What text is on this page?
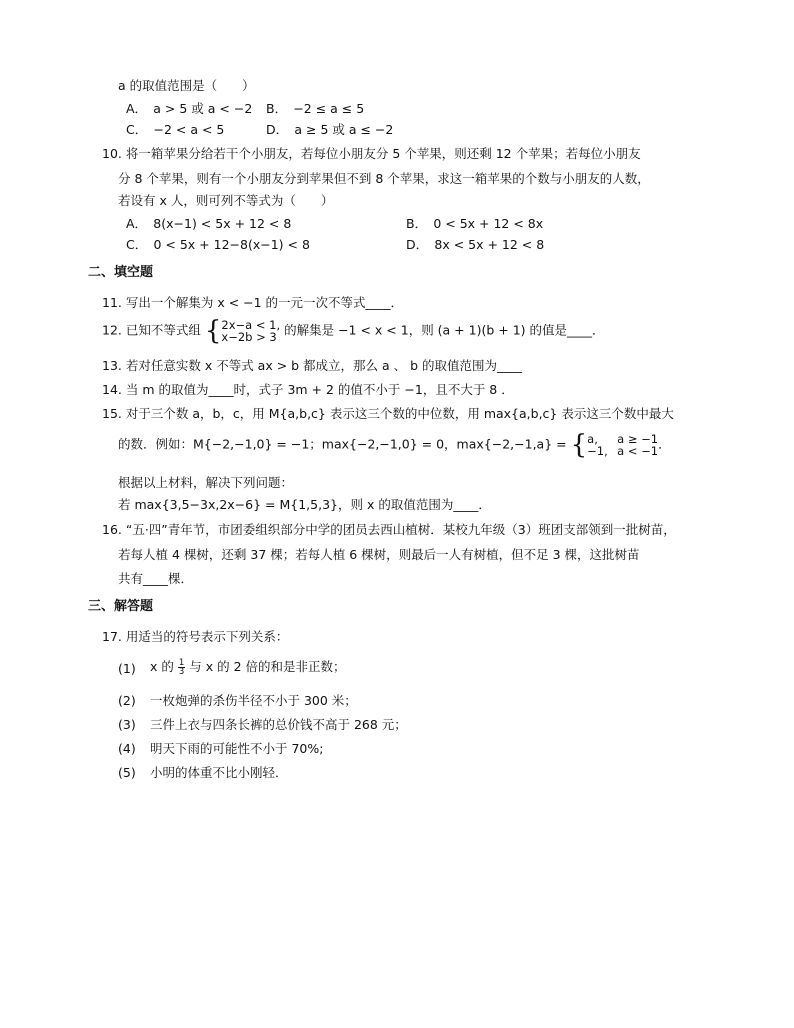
a 的取值范围是（　　）
A．　a > 5 或 a < −2 B．　−2 ≤ a ≤ 5
C．　−2 < a < 5	D．　a ≥ 5 或 a ≤ −2
10. 将一箱苹果分给若干个小朋友，若每位小朋友分 5 个苹果，则还剩 12 个苹果；若每位小朋友
分 8 个苹果，则有一个小朋友分到苹果但不到 8 个苹果，求这一箱苹果的个数与小朋友的人数，
若设有 x 人，则可列不等式为（　　）
A．　8(x−1) < 5x + 12 < 8	B．　0 < 5x + 12 < 8x
C．　0 < 5x + 12−8(x−1) < 8	D．　8x < 5x + 12 < 8
二、填空题
11. 写出一个解集为 x < −1 的一元一次不等式____．
12. 已知不等式组 { 2x−a < 1,
x−2b > 3 的解集是 −1 < x < 1，则 (a + 1)(b + 1) 的值是____．
13. 若对任意实数 x 不等式 ax > b 都成立，那么 a 、 b 的取值范围为____
14. 当 m 的取值为____时，式子 3m + 2 的值不小于 −1，且不大于 8 ．
15. 对于三个数 a，b，c，用 M{a,b,c} 表示这三个数的中位数，用 max{a,b,c} 表示这三个数中最大
的数．例如：M{−2,−1,0} = −1；max{−2,−1,0} = 0，max{−2,−1,a} = { a, a ≥ −1
−1, a < −1 ．
根据以上材料，解决下列问题：
若 max{3,5−3x,2x−6} = M{1,5,3}，则 x 的取值范围为____．
16. “五·四”青年节，市团委组织部分中学的团员去西山植树．某校九年级（3）班团支部领到一批树苗，
若每人植 4 棵树，还剩 37 棵；若每人植 6 棵树，则最后一人有树植，但不足 3 棵，这批树苗
共有____棵．
三、解答题
17. 用适当的符号表示下列关系：
(1) x 的 $\frac{1}{3}$ 与 x 的 2 倍的和是非正数；
(2) 一枚炮弹的杀伤半径不小于 300 米；
(3) 三件上衣与四条长裤的总价钱不高于 268 元；
(4) 明天下雨的可能性不小于 70%;
(5) 小明的体重不比小刚轻．
